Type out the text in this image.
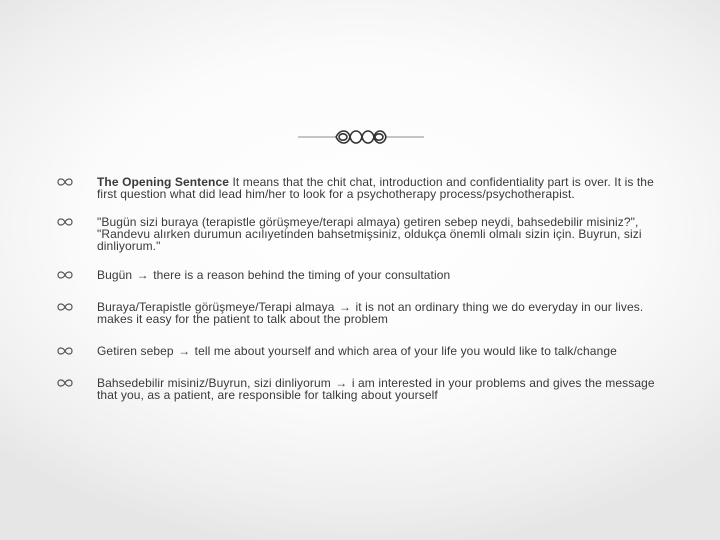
The Opening Sentence It means that the chit chat, introduction and confidentiality part is over. It is the first question what did lead him/her to look for a psychotherapy process/psychotherapist.
"Bugün sizi buraya (terapistle görüşmeye/terapi almaya) getiren sebep neydi, bahsedebilir misiniz?", "Randevu alırken durumun acılıyetinden bahsetmişsiniz, oldukça önemli olmalı sizin için. Buyrun, sizi dinliyorum."
Bugün → there is a reason behind the timing of your consultation
Buraya/Terapistle görüşmeye/Terapi almaya → it is not an ordinary thing we do everyday in our lives. makes it easy for the patient to talk about the problem
Getiren sebep → tell me about yourself and which area of your life you would like to talk/change
Bahsedebilir misiniz/Buyrun, sizi dinliyorum → i am interested in your problems and gives the message that you, as a patient, are responsible for talking about yourself
